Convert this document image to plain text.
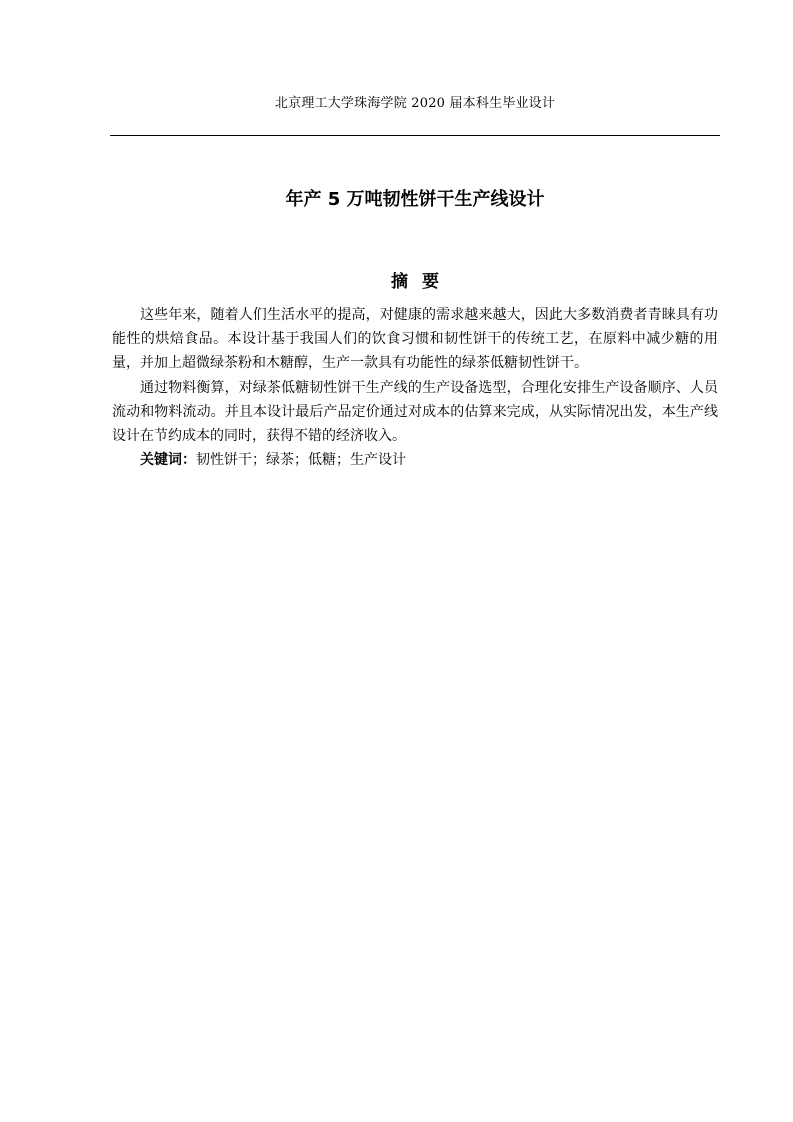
北京理工大学珠海学院 2020 届本科生毕业设计
年产 5 万吨韧性饼干生产线设计
摘要

这些年来，随着人们生活水平的提高，对健康的需求越来越大，因此大多数消费者青睐具有功能性的烘焙食品。本设计基于我国人们的饮食习惯和韧性饼干的传统工艺，在原料中减少糖的用量，并加上超微绿茶粉和木糖醇，生产一款具有功能性的绿茶低糖韧性饼干。

通过物料衡算，对绿茶低糖韧性饼干生产线的生产设备选型，合理化安排生产设备顺序、人员流动和物料流动。并且本设计最后产品定价通过对成本的估算来完成，从实际情况出发，本生产线设计在节约成本的同时，获得不错的经济收入。

关键词：韧性饼干；绿茶；低糖；生产设计
